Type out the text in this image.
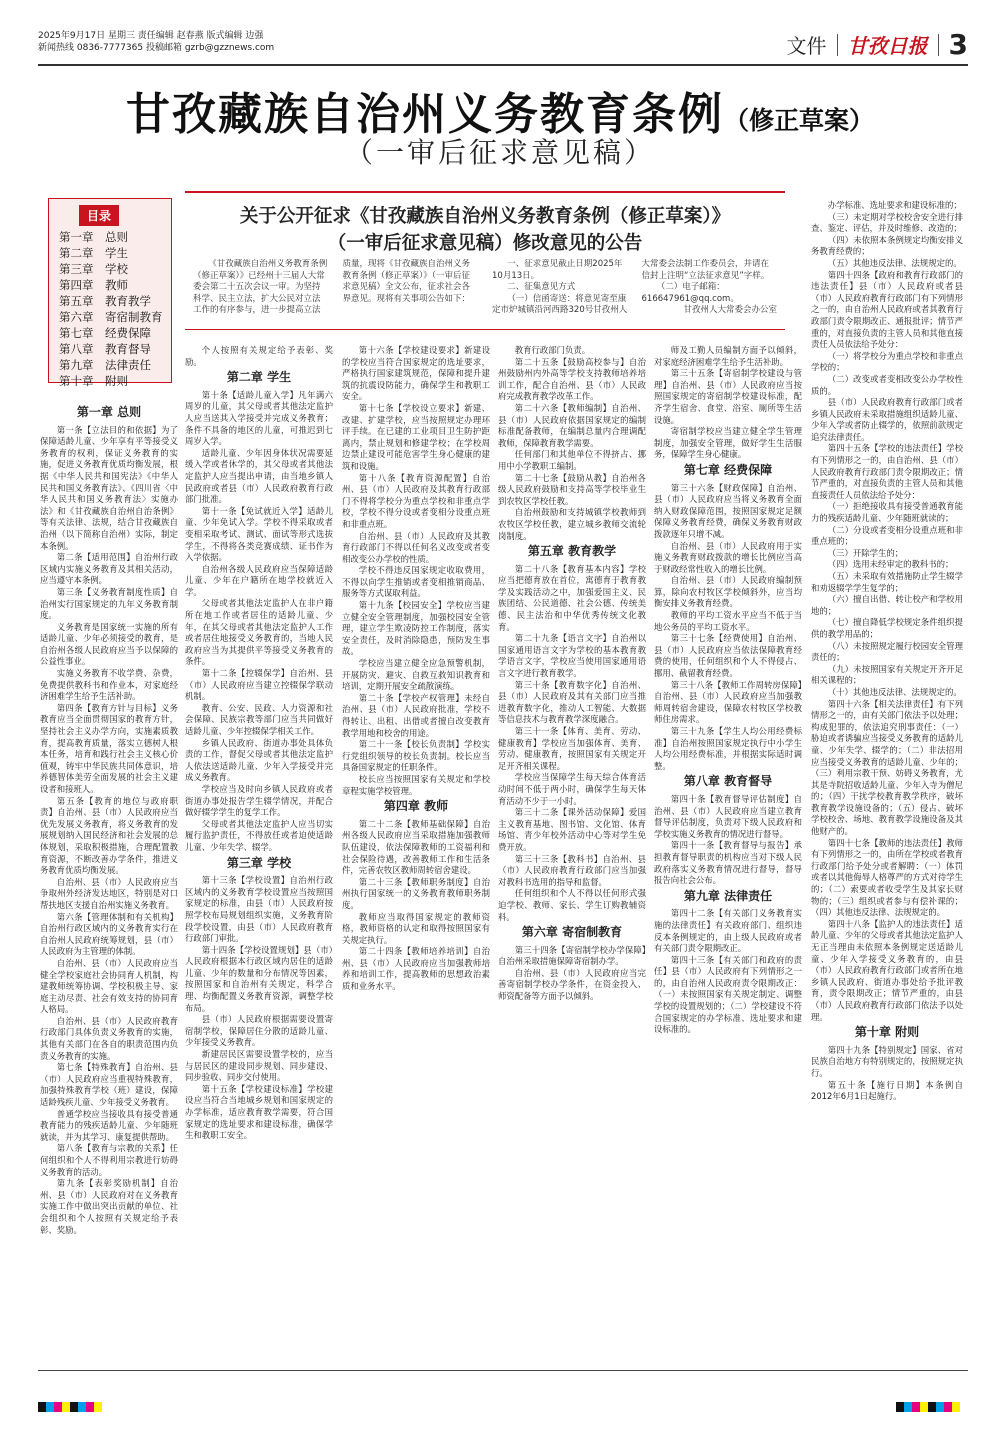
2025年9月17日 星期三 责任编辑 赵春燕 版式编辑 边强
新闻热线 0836-7777365 投稿邮箱 gzrb@gzznews.com	文件 甘孜日报 3
甘孜藏族自治州义务教育条例（修正草案）
（一审后征求意见稿）
目录
第一章 总则
第二章 学生
第三章 学校
第四章 教师
第五章 教育教学
第六章 寄宿制教育
第七章 经费保障
第八章 教育督导
第九章 法律责任
第十章 附则
关于公开征求《甘孜藏族自治州义务教育条例（修正草案）》
（一审后征求意见稿）修改意见的公告

《甘孜藏族自治州义务教育条例（修正草案）》已经州十三届人大常委会第二十五次会议一审。为坚持科学、民主立法，扩大公民对立法工作的有序参与，进一步提高立法质量，现将《甘孜藏族自治州义务教育条例（修正草案）》（一审后征求意见稿）全文公布，征求社会各界意见。现将有关事项公告如下：

一、征求意见截止日期2025年10月13日。

二、征集意见方式

（一）信函寄送：将意见寄至康定市炉城镇沿河西路320号甘孜州人大常委会法制工作委员会，并请在信封上注明“立法征求意见”字样。

（二）电子邮箱：616647961@qq.com。

甘孜州人大常委会办公室

第一章 总则

第一条【立法目的和依据】为了保障适龄儿童、少年享有平等接受义务教育的权利，保证义务教育的实施，促进义务教育优质均衡发展，根据《中华人民共和国宪法》《中华人民共和国义务教育法》、《四川省〈中华人民共和国义务教育法〉实施办法》和《甘孜藏族自治州自治条例》等有关法律、法规，结合甘孜藏族自治州（以下简称自治州）实际，制定本条例。

第二条【适用范围】自治州行政区域内实施义务教育及其相关活动，应当遵守本条例。

第三条【义务教育制度性质】自治州实行国家规定的九年义务教育制度。

义务教育是国家统一实施的所有适龄儿童、少年必须接受的教育，是自治州各级人民政府应当予以保障的公益性事业。

实施义务教育不收学费、杂费，免费提供教科书和作业本，对家庭经济困难学生给予生活补助。

第四条【教育方针与目标】义务教育应当全面贯彻国家的教育方针，坚持社会主义办学方向，实施素质教育，提高教育质量，落实立德树人根本任务，培育和践行社会主义核心价值观，铸牢中华民族共同体意识，培养德智体美劳全面发展的社会主义建设者和接班人。

第五条【教育的地位与政府职责】自治州、县（市）人民政府应当优先发展义务教育，将义务教育的发展规划纳入国民经济和社会发展的总体规划，采取积极措施，合理配置教育资源，不断改善办学条件，推进义务教育优质均衡发展。

自治州、县（市）人民政府应当争取州外经济发达地区，特别是对口帮扶地区支援自治州实施义务教育。

第六条【管理体制和有关机构】自治州行政区域内的义务教育实行在自治州人民政府统筹规划，县（市）人民政府为主管理的体制。

自治州、县（市）人民政府应当健全学校家庭社会协同育人机制，构建教师统筹协调、学校积极主导、家庭主动尽责、社会有效支持的协同育人格局。

自治州、县（市）人民政府教育行政部门具体负责义务教育的实施，其他有关部门在各自的职责范围内负责义务教育的实施。

第七条【特殊教育】自治州、县（市）人民政府应当重视特殊教育，加强特殊教育学校（班）建设，保障适龄残疾儿童、少年接受义务教育。

普通学校应当接收具有接受普通教育能力的残疾适龄儿童、少年随班就读，并为其学习、康复提供帮助。

第八条【教育与宗教的关系】任何组织和个人不得利用宗教进行妨碍义务教育的活动。

第九条【表彰奖励机制】自治州、县（市）人民政府对在义务教育实施工作中做出突出贡献的单位、社会组织和个人按照有关规定给予表彰、奖励。

个人按照有关规定给予表彰、奖励。

第二章 学生

第十条【适龄儿童入学】凡年满六周岁的儿童，其父母或者其他法定监护人应当送其入学接受并完成义务教育；条件不具备的地区的儿童，可推迟到七周岁入学。

适龄儿童、少年因身体状况需要延缓入学或者休学的，其父母或者其他法定监护人应当提出申请，由当地乡镇人民政府或者县（市）人民政府教育行政部门批准。

第十一条【免试就近入学】适龄儿童、少年免试入学。学校不得采取或者变相采取考试、测试、面试等形式选拔学生，不得将各类竞赛成绩、证书作为入学依据。

自治州各级人民政府应当保障适龄儿童、少年在户籍所在地学校就近入学。

父母或者其他法定监护人在非户籍所在地工作或者居住的适龄儿童、少年，在其父母或者其他法定监护人工作或者居住地接受义务教育的，当地人民政府应当为其提供平等接受义务教育的条件。

第十二条【控辍保学】自治州、县（市）人民政府应当建立控辍保学联动机制。

教育、公安、民政、人力资源和社会保障、民族宗教等部门应当共同做好适龄儿童、少年控辍保学相关工作。

乡镇人民政府、街道办事处具体负责的工作，督促父母或者其他法定监护人依法送适龄儿童、少年入学接受并完成义务教育。

学校应当及时向乡镇人民政府或者街道办事处报告学生辍学情况，并配合做好辍学学生的复学工作。

父母或者其他法定监护人应当切实履行监护责任，不得放任或者迫使适龄儿童、少年失学、辍学。

第三章 学校

第十三条【学校设置】自治州行政区域内的义务教育学校设置应当按照国家规定的标准，由县（市）人民政府按照学校布局规划组织实施，义务教育阶段学校设置，由县（市）人民政府教育行政部门审批。

第十四条【学校设置规划】县（市）人民政府根据本行政区域内居住的适龄儿童、少年的数量和分布情况等因素，按照国家和自治州有关规定，科学合理、均衡配置义务教育资源，调整学校布局。

县（市）人民政府根据需要设置寄宿制学校，保障居住分散的适龄儿童、少年接受义务教育。

新建居民区需要设置学校的，应当与居民区的建设同步规划、同步建设、同步验收、同步交付使用。

第十五条【学校建设标准】学校建设应当符合当地城乡规划和国家规定的办学标准，适应教育教学需要，符合国家规定的选址要求和建设标准，确保学生和教职工安全。

第十六条【学校建设要求】新建设的学校应当符合国家规定的选址要求，严格执行国家建筑规范，保障和提升建筑的抗震设防能力，确保学生和教职工安全。

第十七条【学校设立要求】新建、改建、扩建学校，应当按照规定办理环评手续。在已建的工业项目卫生防护距离内，禁止规划和修建学校；在学校周边禁止建设可能危害学生身心健康的建筑和设施。

第十八条【教育资源配置】自治州、县（市）人民政府及其教育行政部门不得将学校分为重点学校和非重点学校，学校不得分设或者变相分设重点班和非重点班。

自治州、县（市）人民政府及其教育行政部门不得以任何名义改变或者变相改变公办学校的性质。

学校不得违反国家规定收取费用，不得以向学生推销或者变相推销商品、服务等方式谋取利益。

第十九条【校园安全】学校应当建立健全安全管理制度，加强校园安全管理，建立学生欺凌防控工作制度，落实安全责任，及时消除隐患，预防发生事故。

学校应当建立健全应急预警机制，开展防灾、避灾、自救互救知识教育和培训，定期开展安全疏散演练。

第二十条【学校产权管理】未经自治州、县（市）人民政府批准，学校不得转让、出租、出借或者擅自改变教育教学用地和校舍的用途。

第二十一条【校长负责制】学校实行党组织领导的校长负责制。校长应当具备国家规定的任职条件。

校长应当按照国家有关规定和学校章程实施学校管理。

第四章 教师

第二十二条【教师基础保障】自治州各级人民政府应当采取措施加强教师队伍建设，依法保障教师的工资福利和社会保险待遇，改善教师工作和生活条件，完善农牧区教师周转宿舍建设。

第二十三条【教师职务制度】自治州执行国家统一的义务教育教师职务制度。

教师应当取得国家规定的教师资格，教师资格的认定和取得按照国家有关规定执行。

第二十四条【教师培养培训】自治州、县（市）人民政府应当加强教师培养和培训工作，提高教师的思想政治素质和业务水平。

教育行政部门负责。

第二十五条【鼓励高校参与】自治州鼓励州内外高等学校支持教师培养培训工作，配合自治州、县（市）人民政府完成教育教学改革工作。

第二十六条【教师编制】自治州、县（市）人民政府依据国家规定的编制标准配备教师，在编制总量内合理调配教师，保障教育教学需要。

任何部门和其他单位不得挤占、挪用中小学教职工编制。

第二十七条【鼓励从教】自治州各级人民政府鼓励和支持高等学校毕业生到农牧区学校任教。

自治州鼓励和支持城镇学校教师到农牧区学校任教，建立城乡教师交流轮岗制度。

第五章 教育教学

第二十八条【教育基本内容】学校应当把德育放在首位，寓德育于教育教学及实践活动之中，加强爱国主义、民族团结、公民道德、社会公德、传统美德、民主法治和中华优秀传统文化教育。

第二十九条【语言文字】自治州以国家通用语言文字为学校的基本教育教学语言文字，学校应当使用国家通用语言文字进行教育教学。

第三十条【教育数字化】自治州、县（市）人民政府及其有关部门应当推进教育数字化，推动人工智能、大数据等信息技术与教育教学深度融合。

第三十一条【体育、美育、劳动、健康教育】学校应当加强体育、美育、劳动、健康教育，按照国家有关规定开足开齐相关课程。

学校应当保障学生每天综合体育活动时间不低于两小时，确保学生每天体育活动不少于一小时。

第三十二条【课外活动保障】爱国主义教育基地、图书馆、文化馆、体育场馆、青少年校外活动中心等对学生免费开放。

第三十三条【教科书】自治州、县（市）人民政府教育行政部门应当加强对教科书选用的指导和监督。

任何组织和个人不得以任何形式强迫学校、教师、家长、学生订购教辅资料。

第六章 寄宿制教育

第三十四条【寄宿制学校办学保障】自治州采取措施保障寄宿制办学。

自治州、县（市）人民政府应当完善寄宿制学校办学条件，在资金投入、师资配备等方面予以倾斜。

师及工勤人员编制方面予以倾斜，对家庭经济困难学生给予生活补助。

第三十五条【寄宿制学校建设与管理】自治州、县（市）人民政府应当按照国家规定的寄宿制学校建设标准，配齐学生宿舍、食堂、浴室、厕所等生活设施。

寄宿制学校应当建立健全学生管理制度，加强安全管理，做好学生生活服务，保障学生身心健康。

第七章 经费保障

第三十六条【财政保障】自治州、县（市）人民政府应当将义务教育全面纳入财政保障范围，按照国家规定足额保障义务教育经费，确保义务教育财政拨款逐年只增不减。

自治州、县（市）人民政府用于实施义务教育财政拨款的增长比例应当高于财政经常性收入的增长比例。

自治州、县（市）人民政府编制预算，除向农村牧区学校倾斜外，应当均衡安排义务教育经费。

教师的平均工资水平应当不低于当地公务员的平均工资水平。

第三十七条【经费使用】自治州、县（市）人民政府应当依法保障教育经费的使用，任何组织和个人不得侵占、挪用、截留教育经费。

第三十八条【教师工作周转房保障】自治州、县（市）人民政府应当加强教师周转宿舍建设，保障农村牧区学校教师住房需求。

第三十九条【学生人均公用经费标准】自治州按照国家规定执行中小学生人均公用经费标准，并根据实际适时调整。

第八章 教育督导

第四十条【教育督导评估制度】自治州、县（市）人民政府应当建立教育督导评估制度，负责对下级人民政府和学校实施义务教育的情况进行督导。

第四十一条【教育督导与报告】承担教育督导职责的机构应当对下级人民政府落实义务教育情况进行督导，督导报告向社会公布。

第九章 法律责任

第四十二条【有关部门义务教育实施的法律责任】有关政府部门、组织违反本条例规定的，由上级人民政府或者有关部门责令限期改正。

第四十三条【有关部门和政府的责任】县（市）人民政府有下列情形之一的，由自治州人民政府责令限期改正：（一）未按照国家有关规定制定、调整学校的设置规划的；（二）学校建设不符合国家规定的办学标准、选址要求和建设标准的。

办学标准、选址要求和建设标准的；

（三）未定期对学校校舍安全进行排查、鉴定、评估，并及时维修、改造的；

（四）未依照本条例规定均衡安排义务教育经费的；

（五）其他违反法律、法规规定的。

第四十四条【政府和教育行政部门的违法责任】县（市）人民政府或者县（市）人民政府教育行政部门有下列情形之一的，由自治州人民政府或者其教育行政部门责令限期改正、通报批评；情节严重的，对直接负责的主管人员和其他直接责任人员依法给予处分：

（一）将学校分为重点学校和非重点学校的；

（二）改变或者变相改变公办学校性质的。

县（市）人民政府教育行政部门或者乡镇人民政府未采取措施组织适龄儿童、少年入学或者防止辍学的，依照前款规定追究法律责任。

第四十五条【学校的违法责任】学校有下列情形之一的，由自治州、县（市）人民政府教育行政部门责令限期改正；情节严重的，对直接负责的主管人员和其他直接责任人员依法给予处分：

（一）拒绝接收具有接受普通教育能力的残疾适龄儿童、少年随班就读的；

（二）分设或者变相分设重点班和非重点班的；

（三）开除学生的；

（四）选用未经审定的教科书的；

（五）未采取有效措施防止学生辍学和劝返辍学学生复学的；

（六）擅自出借、转让校产和学校用地的；

（七）擅自降低学校规定条件组织提供的教学用品的；

（八）未按照规定履行校园安全管理责任的；

（九）未按照国家有关规定开齐开足相关课程的；

（十）其他违反法律、法规规定的。

第四十六条【相关法律责任】有下列情形之一的，由有关部门依法予以处理；构成犯罪的，依法追究刑事责任：（一）胁迫或者诱骗应当接受义务教育的适龄儿童、少年失学、辍学的；（二）非法招用应当接受义务教育的适龄儿童、少年的；（三）利用宗教干预、妨碍义务教育，尤其是寺院招收适龄儿童、少年入寺为僧尼的；（四）干扰学校教育教学秩序，破坏教育教学设施设备的；（五）侵占、破坏学校校舍、场地、教育教学设施设备及其他财产的。

第四十七条【教师的违法责任】教师有下列情形之一的，由所在学校或者教育行政部门给予处分或者解聘：（一）体罚或者以其他侮辱人格尊严的方式对待学生的；（二）索要或者收受学生及其家长财物的；（三）组织或者参与有偿补课的；（四）其他违反法律、法规规定的。

第四十八条【监护人的违法责任】适龄儿童、少年的父母或者其他法定监护人无正当理由未依照本条例规定送适龄儿童、少年入学接受义务教育的，由县（市）人民政府教育行政部门或者所在地乡镇人民政府、街道办事处给予批评教育，责令限期改正；情节严重的，由县（市）人民政府教育行政部门依法予以处理。

第十章 附则

第四十九条【特别规定】国家、省对民族自治地方有特别规定的，按照规定执行。

第五十条【施行日期】本条例自2012年6月1日起施行。
